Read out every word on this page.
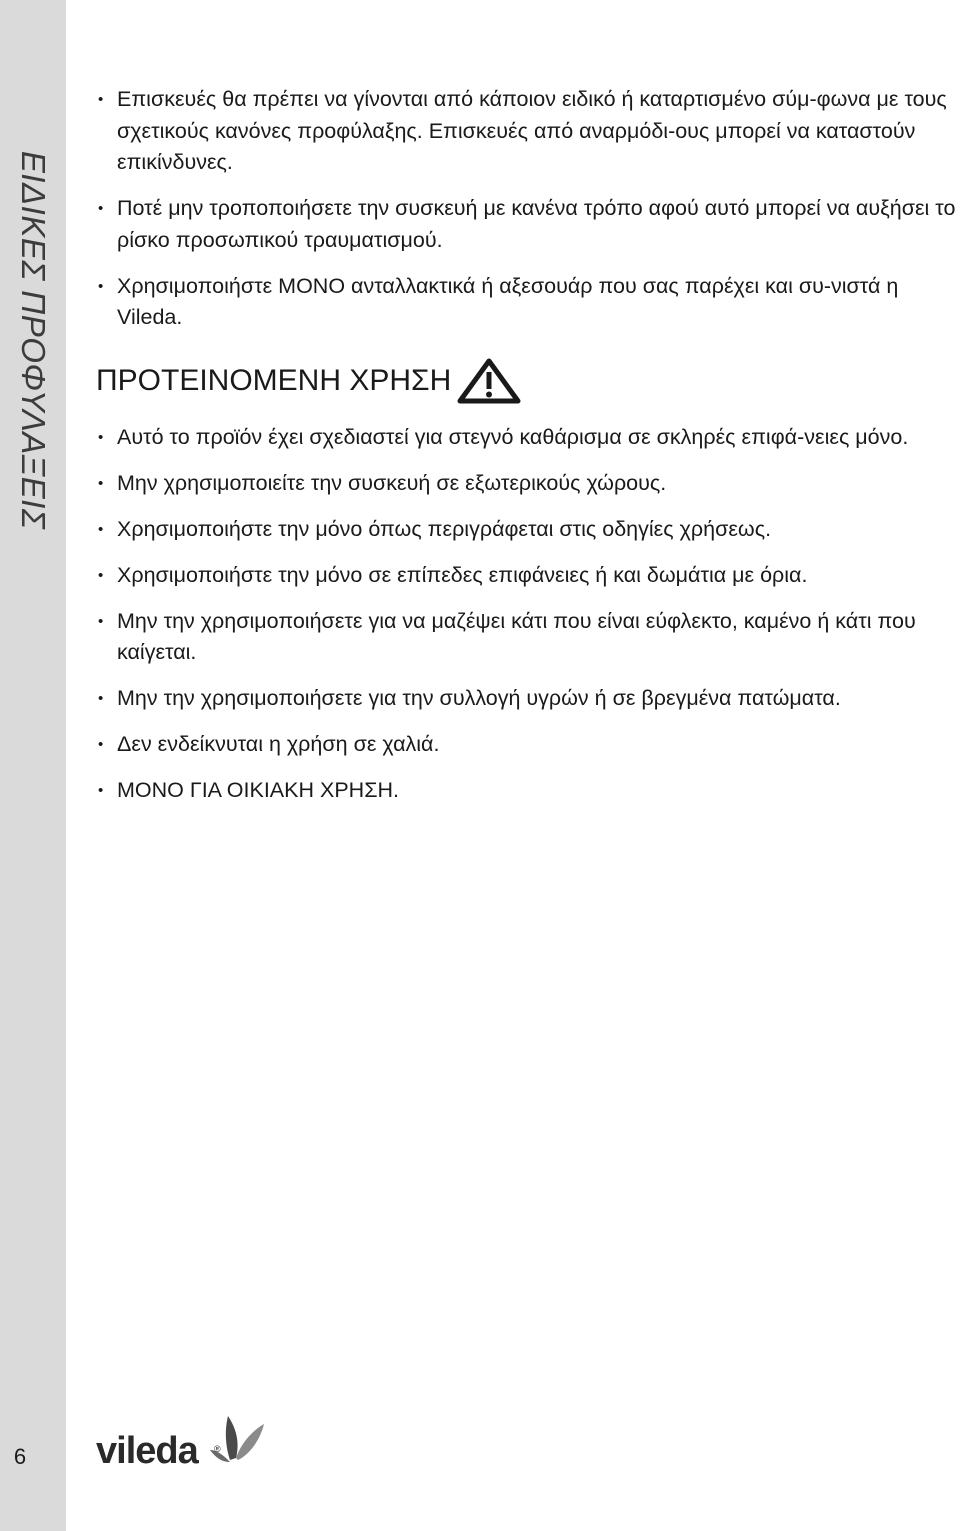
ΕΙΔΙΚΕΣ ΠΡΟΦΥΛΑΞΕΙΣ
6
• Επισκευές θα πρέπει να γίνονται από κάποιον ειδικό ή καταρτισμένο σύμ-φωνα με τους σχετικούς κανόνες προφύλαξης. Επισκευές από αναρμόδι-ους μπορεί να καταστούν επικίνδυνες.
• Ποτέ μην τροποποιήσετε την συσκευή με κανένα τρόπο αφού αυτό μπορεί να αυξήσει το ρίσκο προσωπικού τραυματισμού.
• Χρησιμοποιήστε ΜΟΝΟ ανταλλακτικά ή αξεσουάρ που σας παρέχει και συ-νιστά η Vileda.
ΠΡΟΤΕΙΝΟΜΕΝΗ ΧΡΗΣΗ
• Αυτό το προϊόν έχει σχεδιαστεί για στεγνό καθάρισμα σε σκληρές επιφά-νειες μόνο.
• Μην χρησιμοποιείτε την συσκευή σε εξωτερικούς χώρους.
• Χρησιμοποιήστε την μόνο όπως περιγράφεται στις οδηγίες χρήσεως.
• Χρησιμοποιήστε την μόνο σε επίπεδες επιφάνειες ή και δωμάτια με όρια.
• Μην την χρησιμοποιήσετε για να μαζέψει κάτι που είναι εύφλεκτο, καμένο ή κάτι που καίγεται.
• Μην την χρησιμοποιήσετε για την συλλογή υγρών ή σε βρεγμένα πατώματα.
• Δεν ενδείκνυται η χρήση σε χαλιά.
• ΜΟΝΟ ΓΙΑ ΟΙΚΙΑΚΗ ΧΡΗΣΗ.
vileda ®
